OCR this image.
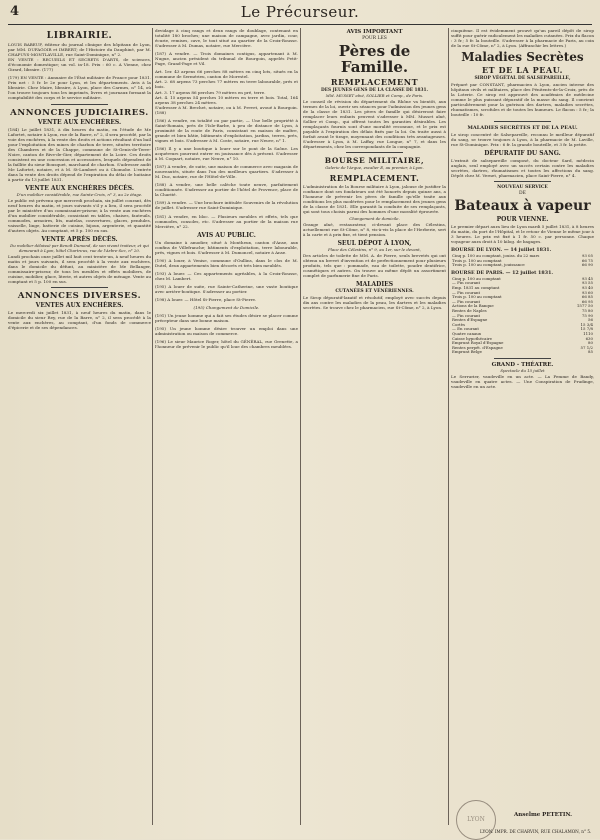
4	Le Précurseur.
LIBRAIRIE.
LOUIS BABEUF, éditeur du journal clinique des hôpitaux de Lyon, par MM. DUFAGOIR et IMBERT; de l'Histoire du Dauphiné, par M. CHAPUYS-MONTLAVILLE, rue Saint-Dominique, n° 2.
EN VENTE : RECUEILS ET SECRETS D'ARTS, de sciences, d'économie domestique; un vol. in-18. Prix : 60 c. A Vienne, chez Girard, libraire. (177)
(179) EN VENTE : Annuaire de l'État militaire de France pour 1831. Prix net : 5 fr. le 2e pour Lyon, et les départements. Avis à la librairie. Chez Maire, libraire, à Lyon, place des Carmes, n° 14, où l'on trouve toujours tous les imprimés, livres et journaux formant la comptabilité des corps et le service militaire.
ANNONCES JUDICIAIRES.
VENTE AUX ENCHÈRES.
(184) Le juillet 1831, à dix heures du matin, en l'étude de Me Lafortet, notaire à Lyon, rue de la Barre, n° 2, il sera procédé, par la voie des enchères, à la vente des droits et actions résultant d'un bail pour l'exploitation des mines de charbon de terre, situées territoire des Chambres et de la Chappe, commune de St-Genis-de-Terre-Noire, canton de Rive-de-Gier, département de la Loire. Ces droits consistent en une concession et accessoires, lesquels dépendent de la faillite du sieur Bousquet, marchand de charbon. S'adresser audit Me Lafortet, notaire, et à M. St-Lambert ou à Chomobe. L'entrée dans la vente des droits dépend de l'expiration du délai de huitaine à partir du 13 juillet 1831.
VENTE AUX ENCHÈRES DÉCÈS.
D'un mobilier considérable, rue Sainte-Croix, n° 3, au 2e étage.
Le public est prévenu que mercredi prochain, six juillet courant, dès neuf heures du matin, et jours suivants s'il y a lieu, il sera procédé par le ministère d'un commissaire-priseur, à la vente aux enchères d'un mobilier considérable, consistant en tables, chaises, fauteuils, commodes, armoires, lits, matelas, couvertures, glaces, pendules, vaisselle, linge, batterie de cuisine, bijoux, argenterie, et quantité d'autres objets. Au comptant, et 5 p. 100 en sus.
VENTE APRÈS DÉCÈS.
Du mobilier délaissé par Benoît Dumond, de son vivant traiteur, et qui demeurait à Lyon, hôtel Chartreux, rue de l'Arbre-Sec, n° 20.
Lundi prochain onze juillet mil huit cent trente-un, à neuf heures du matin et jours suivants, il sera procédé à la vente aux enchères, dans le domicile du défunt, au ministère de Me Bellanger, commissaire-priseur, de tous les meubles et effets mobiliers, de cuisine, mobilier, glace, literie, et autres objets de ménage. Vente au comptant et 5 p. 100 en sus.
ANNONCES DIVERSES.
VENTES AUX ENCHÈRES.
Le mercredi six juillet 1831, à neuf heures du matin, dans le domicile du sieur Rey, rue de la Barre, n° 2, il sera procédé à la vente aux enchères, au comptant, d'un fonds de commerce d'épicerie et de ses dépendances.
devidage à cinq rangs et deux rangs de doublage, contenant en totalité 180 broches; une maison de campagne, avec jardin, cour, écurie, remises, cave, le tout situé au quartier de la Croix-Rousse. S'adresser à M. Dumas, notaire, rue Mercière.
(187) A vendre. — Trois domaines contigus, appartenant à M. Nugue, ancien président du tribunal de Bourgoin, appelés Petit-Page, Grand-Page et Vil.
Art. 1er. 43 arpens 66 perches 88 mètres en cinq lots, situés en la commune de Sermérieu, canton de Morestel.
Art. 2. 68 arpens 73 perches 77 mètres en terre labourable, prés et bois.
Art. 3. 17 arpens 86 perches 79 mètres en pré, terre.
Art. 4. 15 arpens 54 perches 10 mètres en terre et bois. Total, 164 arpens 38 perches 24 mètres.
S'adresser à M. Brechet, notaire, ou à M. Prevet, avoué à Bourgoin. (188)
(186) A vendre, en totalité ou par partie, — Une belle propriété à Saint-Romain, près de l'Isle-Barbe, à peu de distance de Lyon, à proximité de la route de Paris, consistant en maison de maître, grande et bien bâtie, bâtiments d'exploitation, jardins, terres, prés, vignes et bois. S'adresser à M. Coste, notaire, rue Neuve, n° 1.
(186) Il y a une boutique à louer sur le pont de la Saône. Les acquéreurs pourront entrer en jouissance dès à présent. S'adresser à M. Coquart, notaire, rue Neuve, n° 10.
(187) A vendre, de suite, une maison de commerce avec magasin de nouveautés, située dans l'un des meilleurs quartiers. S'adresser à M. Duc, notaire, rue de l'Hôtel-de-Ville.
(188) A vendre, une belle calèche toute neuve, parfaitement conditionnée. S'adresser au portier de l'hôtel de Provence, place de la Charité.
(189) A vendre. — Une brochure intitulée Souvenirs de la révolution de juillet. S'adresser rue Saint-Dominique.
(181) A vendre, en bloc. — Plusieurs meubles et effets, tels que commodes, consoles, etc. S'adresser au portier de la maison rue Mercière, n° 22.
AVIS AU PUBLIC.
Un domaine à amodier, situé à Montheux, canton d'Anse, aux confins de Villefranche; bâtiments d'exploitation, terre labourable, prés, vignes et bois. S'adresser à M. Dumoncel, notaire à Anse.
(190) A louer, à Venise, commune d'Oullins, dans le clos de M. Dutel, deux appartements bien décorés et très bien meublés.
(193) A louer. — Ces appartements agréables, à la Croix-Rousse, chez M. Lambert.
(195) A louer de suite, rue Sainte-Catherine, une vaste boutique avec arrière-boutique. S'adresser au portier.
(198) A louer. — Hôtel St-Pierre, place St-Pierre.
(195) Changement de Domicile.
(191) Un jeune homme qui a fait ses études désire se placer comme précepteur dans une bonne maison.
(195) Un jeune homme désire trouver un emploi dans une administration ou maison de commerce.
(196) Le sieur Maurice Roger, hôtel du GÉNÉRAL, rue Grenette, a l'honneur de prévenir le public qu'il loue des chambres meublées.
AVIS IMPORTANT
POUR LES
Pères de Famille.
REMPLACEMENT
DES JEUNES GENS DE LA CLASSE DE 1831.
MM. MUSSET aîné, SOLLIER et Comp., de Paris.
Le conseil de révision du département du Rhône va bientôt, aux termes de la loi, ouvrir ses séances pour l'admission des jeunes gens de la classe de 1831. Les pères de famille qui désireront faire remplacer leurs enfants peuvent s'adresser à MM. Musset aîné, Sollier et Comp., qui offrent toutes les garanties désirables. Les remplaçants fournis sont d'une moralité reconnue, et le prix est payable à l'expiration des délais fixés par la loi. On traite aussi à forfait avant le tirage, moyennant des conditions très avantageuses. S'adresser à Lyon, à M. Laffay, rue Longue, n° 7, et dans les départements, chez les correspondants de la compagnie.
BOURSE MILITAIRE,
Galerie de l'Argue, escalier E, au premier, à Lyon.
REMPLACEMENT.
L'administration de la Bourse militaire à Lyon, jalouse de justifier la confiance dont ses fondateurs ont été honorés depuis quinze ans, a l'honneur de prévenir les pères de famille qu'elle traite aux conditions les plus modérées pour le remplacement des jeunes gens de la classe de 1831. Elle garantit la conduite de ses remplaçants, qui sont tous choisis parmi des hommes d'une moralité éprouvée.
Changement de domicile.
Grange aîné, restaurateur, ci-devant place des Célestins, actuellement rue St-Côme, n° 8, vis-à-vis la place de l'Herberie, sert à la carte et à prix fixe, et tient pension.
SEUL DÉPOT À LYON,
Place des Célestins, n° 9, au 1er, sur le devant,
Des articles de toilette de MM. A. de Pierre, seuls brevetés qui ont obtenu un brevet d'invention et de perfectionnement pour plusieurs produits, tels que : pommade, eau de toilette, poudre dentifrice, cosmétiques et autres. On trouve au même dépôt un assortiment complet de parfumerie fine de Paris.
MALADIES
CUTANÉES ET VÉNÉRIENNES.
Le Sirop dépuratif-laxatif et résolutif, employé avec succès depuis dix ans contre les maladies de la peau, les dartres et les maladies secrètes. Se trouve chez le pharmacien, rue St-Côme, n° 2, à Lyon.
cinquième. Il est évidemment prouvé qu'un pareil dépôt de sirop suffit pour guérir radicalement les maladies cutanées. Prix du flacon : 3 fr.; 5 fr. la bouteille. S'adresser à la pharmacie de Paris, au coin de la rue St-Côme, n° 2, à Lyon. (Affranchir les lettres.)
Maladies Secrètes
ET DE LA PEAU.
SIROP VÉGÉTAL DE SALSEPAREILLE,
Préparé par CONSTANT, pharmacien à Lyon, ancien interne des hôpitaux civils et militaires, place des Pénitents-de-la-Croix, près de la Loterie. Ce sirop est approuvé des académies de médecine comme le plus puissant dépuratif de la masse du sang. Il convient particulièrement pour la guérison des dartres, maladies secrètes, rhumatismes, scrofules et de toutes les humeurs. Le flacon : 5 fr.; la bouteille : 10 fr.
MALADIES SECRÈTES ET DE LA PEAU.
Le sirop concentré de Salsepareille, reconnu le meilleur dépuratif du sang, se trouve toujours à Lyon, à la pharmacie de M. Laville, rue St-Dominique. Prix : 6 fr. la grande bouteille, et 3 fr. la petite.
DÉPURATIF DU SANG.
L'extrait de salsepareille composé, du docteur Sard, médecin anglais, seul employé avec un succès certain contre les maladies secrètes, dartres, rhumatismes et toutes les affections du sang. Dépôt chez M. Vernet, pharmacien, place Saint-Pierre, n° 4.
NOUVEAU SERVICE
DE
Bateaux à vapeur
POUR VIENNE.
Le premier départ aura lieu de Lyon mardi 5 juillet 1831, à 8 heures du matin, du port de l'Hôpital, et le retour de Vienne le même jour à 3 heures. Le prix est fixé à 1 fr. 50 c. par personne. Chaque voyageur aura droit à 10 kilog. de bagages.
BOURSE DE LYON. — 14 juillet 1831.
Cinq p. 100 au comptant, jouiss. du 22 mars	93 05
Trois p. 100 au comptant	66 75
Trois p. 100 au comptant, jouissance	66 90
BOURSE DE PARIS. — 12 juillet 1831.
Cinq p. 100 au comptant	93 45
— Fin courant	93 55
Emp. 1831 au comptant	93 40
— Fin courant	93 60
Trois p. 100 au comptant	66 85
— Fin courant	66 95
Actions de la Banque	1577 50
Rentes de Naples	75 80
— Fin courant	75 90
Rentes d'Espagne	56
Cortès	15 3/4
— En courant	15 7/8
Quatre canaux	1110
Caisse hypothécaire	630
Emprunt Royal d'Espagne	80
Rentes perpét. d'Espagne	57 1/2
Emprunt Belge	85
GRAND - THÉATRE.
Spectacle du 15 juillet
Le Serrurier, vaudeville en un acte. — La Femme de Bandy, vaudeville en quatre actes. — Une Conspiration de Prudinge, vaudeville en un acte.
LYON
Anselme PETETIN.
LYON. IMPR. DE CHARVIN, RUE CHALAMON, n° 5.
